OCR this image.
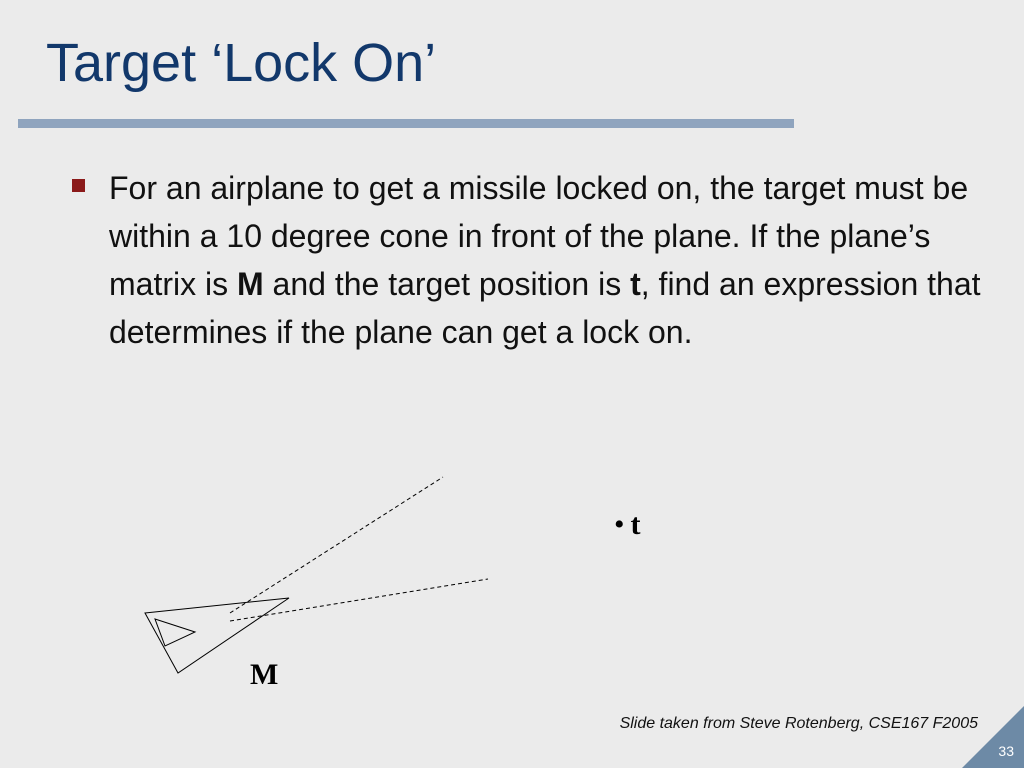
Target ‘Lock On’
For an airplane to get a missile locked on, the target must be within a 10 degree cone in front of the plane. If the plane’s matrix is M and the target position is t, find an expression that determines if the plane can get a lock on.
• t
M
Slide taken from Steve Rotenberg, CSE167 F2005
33
